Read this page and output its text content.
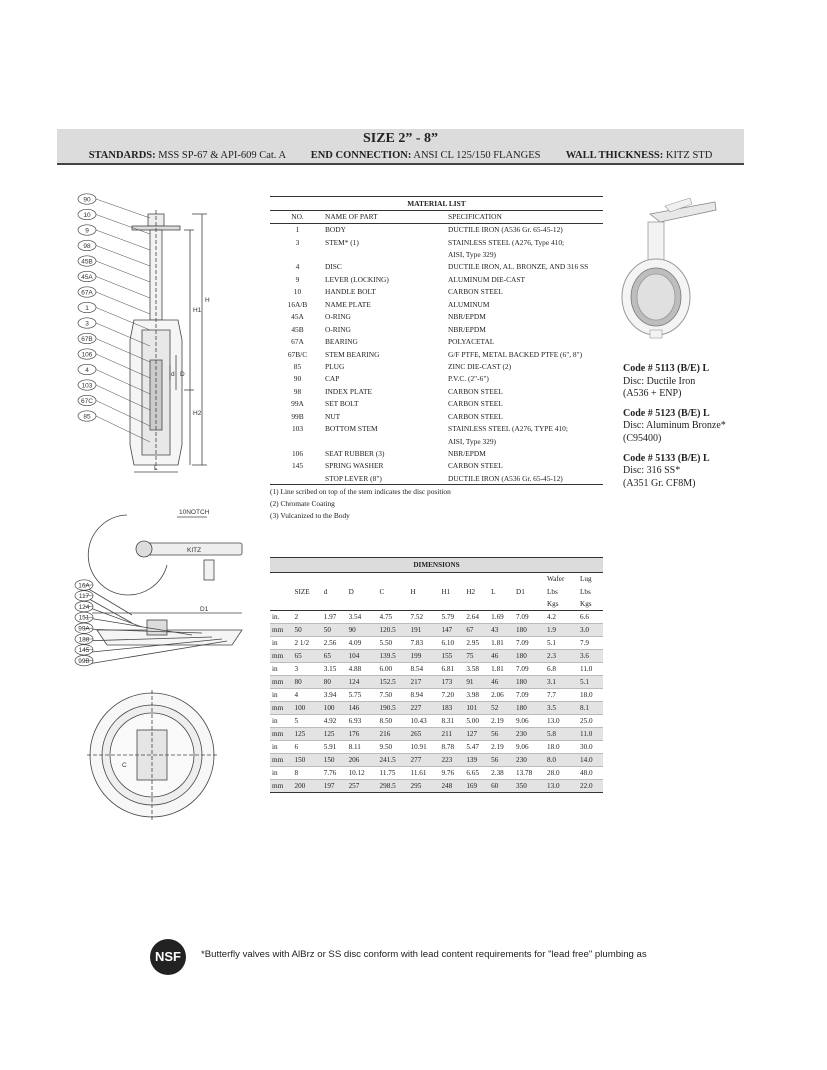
SIZE 2” - 8”
STANDARDS: MSS SP-67 & API-609 Cat. A END CONNECTION: ANSI CL 125/150 FLANGES WALL THICKNESS: KITZ STD
90
10
9
98
45B
45A
67A
1
3
67B
106
4
103
67C
85
H
H1
H2
d D
L
10NOTCH
KITZ
D1
C
16A
117
124
151
99A
188
145
99B
MATERIAL LIST
NO.	NAME OF PART	SPECIFICATION
1	BODY	DUCTILE IRON (A536 Gr. 65-45-12)
3	STEM* (1)	STAINLESS STEEL (A276, Type 410;
		AISI, Type 329)
4	DISC	DUCTILE IRON, AL. BRONZE, AND 316 SS
9	LEVER (LOCKING)	ALUMINUM DIE-CAST
10	HANDLE BOLT	CARBON STEEL
16A/B	NAME PLATE	ALUMINUM
45A	O-RING	NBR/EPDM
45B	O-RING	NBR/EPDM
67A	BEARING	POLYACETAL
67B/C	STEM BEARING	G/F PTFE, METAL BACKED PTFE (6", 8")
85	PLUG	ZINC DIE-CAST (2)
90	CAP	P.V.C. (2"-6")
98	INDEX PLATE	CARBON STEEL
99A	SET BOLT	CARBON STEEL
99B	NUT	CARBON STEEL
103	BOTTOM STEM	STAINLESS STEEL (A276, TYPE 410;
		AISI, Type 329)
106	SEAT RUBBER (3)	NBR/EPDM
145	SPRING WASHER	CARBON STEEL
	STOP LEVER (8")	DUCTILE IRON (A536 Gr. 65-45-12)
(1) Line scribed on top of the stem indicates the disc position
(2) Chromate Coating
(3) Vulcanized to the Body
Code # 5113 (B/E) L
Disc: Ductile Iron
(A536 + ENP)
Code # 5123 (B/E) L
Disc: Aluminum Bronze*
(C95400)
Code # 5133 (B/E) L
Disc: 316 SS*
(A351 Gr. CF8M)
DIMENSIONS
										Wafer	Lug
	SIZE	d	D	C	H	H1	H2	L	D1	Lbs	Lbs
										Kgs	Kgs
in.	2	1.97	3.54	4.75	7.52	5.79	2.64	1.69	7.09	4.2	6.6
mm	50	50	90	120.5	191	147	67	43	180	1.9	3.0
in	2 1/2	2.56	4.09	5.50	7.83	6.10	2.95	1.81	7.09	5.1	7.9
mm	65	65	104	139.5	199	155	75	46	180	2.3	3.6
in	3	3.15	4.88	6.00	8.54	6.81	3.58	1.81	7.09	6.8	11.0
mm	80	80	124	152.5	217	173	91	46	180	3.1	5.1
in	4	3.94	5.75	7.50	8.94	7.20	3.98	2.06	7.09	7.7	18.0
mm	100	100	146	190.5	227	183	101	52	180	3.5	8.1
in	5	4.92	6.93	8.50	10.43	8.31	5.00	2.19	9.06	13.0	25.0
mm	125	125	176	216	265	211	127	56	230	5.8	11.0
in	6	5.91	8.11	9.50	10.91	8.78	5.47	2.19	9.06	18.0	30.0
mm	150	150	206	241.5	277	223	139	56	230	8.0	14.0
in	8	7.76	10.12	11.75	11.61	9.76	6.65	2.38	13.78	28.0	48.0
mm	200	197	257	298.5	295	248	169	60	350	13.0	22.0
NSF	*Butterfly valves with AlBrz or SS disc conform with lead content requirements for "lead free" plumbing as
